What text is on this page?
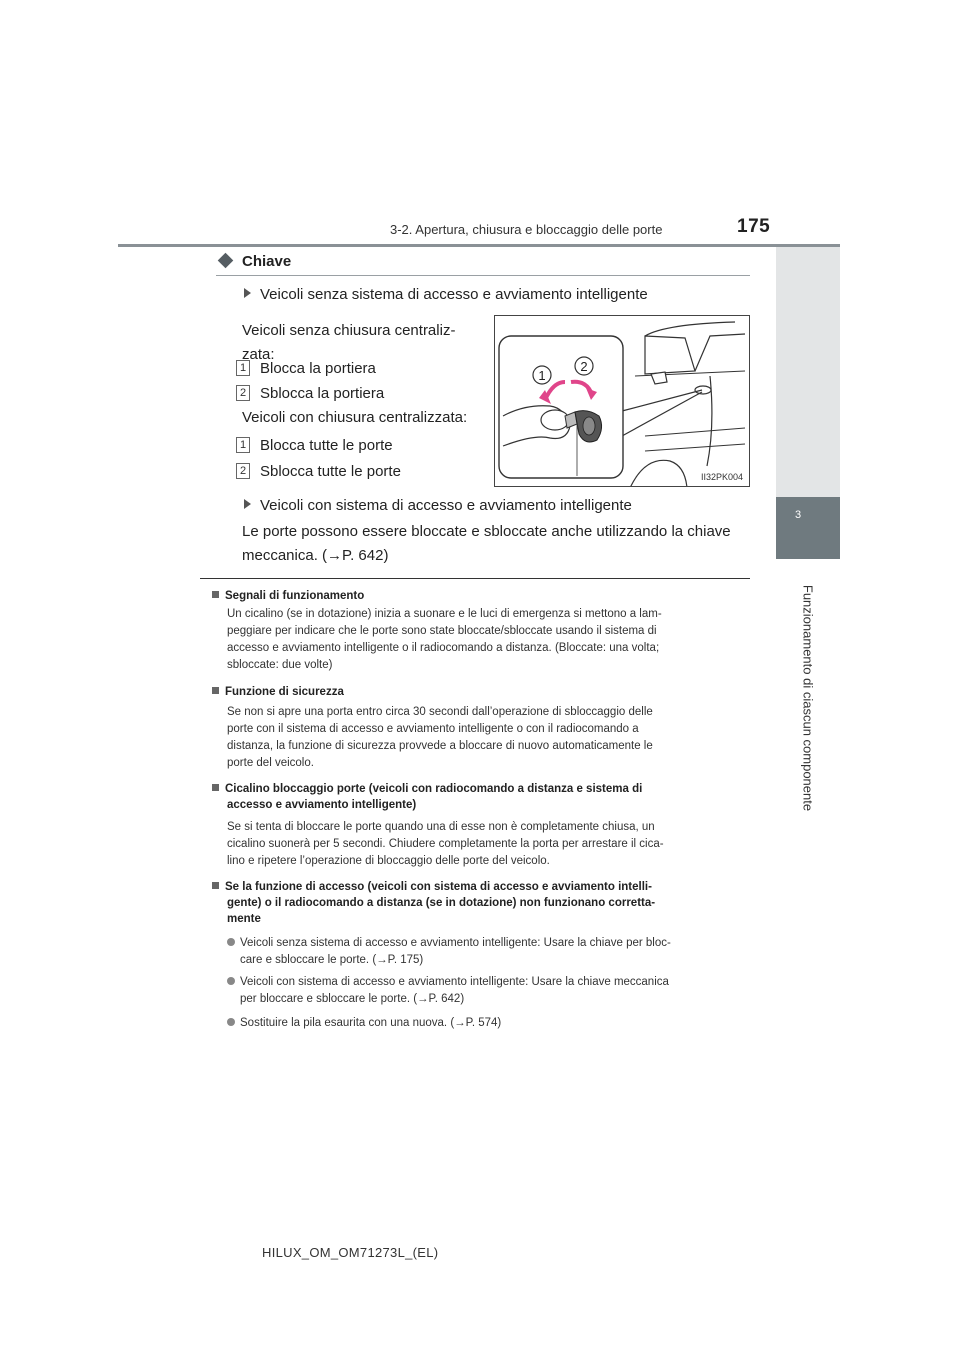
3-2. Apertura, chiusura e bloccaggio delle porte	175
3
Funzionamento di ciascun componente
Chiave
Veicoli senza sistema di accesso e avviamento intelligente
Veicoli senza chiusura centraliz-
zata:
1 Blocca la portiera
2 Sblocca la portiera
Veicoli con chiusura centralizzata:
1 Blocca tutte le porte
2 Sblocca tutte le porte
1
2
II32PK004
Veicoli con sistema di accesso e avviamento intelligente
Le porte possono essere bloccate e sbloccate anche utilizzando la chiave
meccanica. (→P. 642)
Segnali di funzionamento
Un cicalino (se in dotazione) inizia a suonare e le luci di emergenza si mettono a lam-
peggiare per indicare che le porte sono state bloccate/sbloccate usando il sistema di
accesso e avviamento intelligente o il radiocomando a distanza. (Bloccate: una volta;
sbloccate: due volte)
Funzione di sicurezza
Se non si apre una porta entro circa 30 secondi dall’operazione di sbloccaggio delle
porte con il sistema di accesso e avviamento intelligente o con il radiocomando a
distanza, la funzione di sicurezza provvede a bloccare di nuovo automaticamente le
porte del veicolo.
Cicalino bloccaggio porte (veicoli con radiocomando a distanza e sistema di
accesso e avviamento intelligente)
Se si tenta di bloccare le porte quando una di esse non è completamente chiusa, un
cicalino suonerà per 5 secondi. Chiudere completamente la porta per arrestare il cica-
lino e ripetere l’operazione di bloccaggio delle porte del veicolo.
Se la funzione di accesso (veicoli con sistema di accesso e avviamento intelli-
gente) o il radiocomando a distanza (se in dotazione) non funzionano corretta-
mente
Veicoli senza sistema di accesso e avviamento intelligente: Usare la chiave per bloc-
care e sbloccare le porte. (→P. 175)
Veicoli con sistema di accesso e avviamento intelligente: Usare la chiave meccanica
per bloccare e sbloccare le porte. (→P. 642)
Sostituire la pila esaurita con una nuova. (→P. 574)
HILUX_OM_OM71273L_(EL)
